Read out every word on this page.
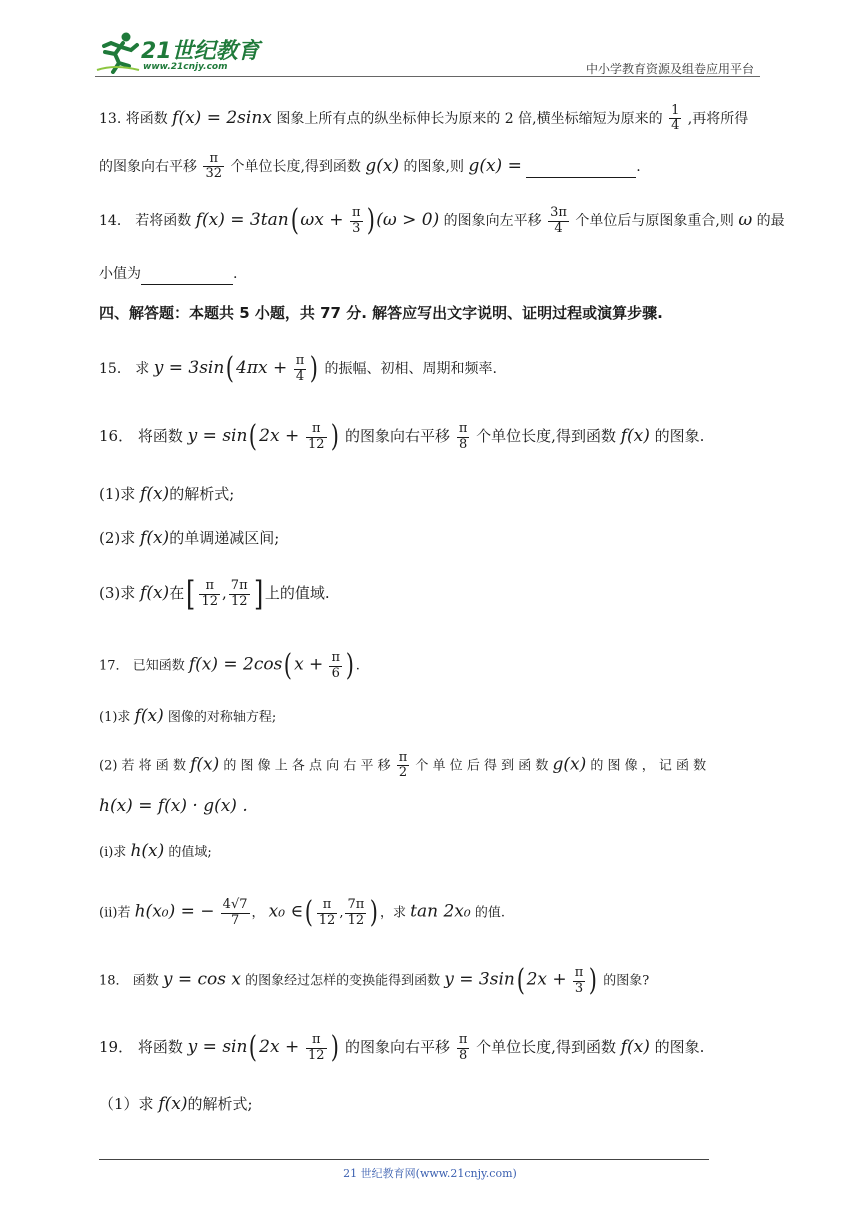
21世纪教育
www.21cnjy.com	中小学教育资源及组卷应用平台
13. 将函数 f(x) = 2sinx 图象上所有点的纵坐标伸长为原来的 2 倍,横坐标缩短为原来的 $\frac{1}{4}$ ,再将所得
的图象向右平移 $\frac{\pi}{32}$ 个单位长度,得到函数 g(x) 的图象,则 g(x) =	.
14． 若将函数 f(x) = 3tan( $\omega x + \frac{\pi}{3}$ ) (ω > 0) 的图象向左平移 $\frac{3\pi}{4}$ 个单位后与原图象重合,则 ω 的最
小值为	.
四、解答题：本题共 5 小题，共 77 分. 解答应写出文字说明、证明过程或演算步骤.
15． 求 y = 3sin( $4\pi x + \frac{\pi}{4}$ ) 的振幅、初相、周期和频率.
16． 将函数 y = sin( $2x + \frac{\pi}{12}$ ) 的图象向右平移 $\frac{\pi}{8}$ 个单位长度,得到函数 f(x) 的图象.
(1)求 f(x)的解析式;
(2)求 f(x)的单调递减区间;
(3)求 f(x)在[ $\frac{\pi}{12}$ , $\frac{7\pi}{12}$ ] 上的值域.
17． 已知函数 f(x) = 2cos( $x + \frac{\pi}{6}$ ) .
(1)求 f(x) 图像的对称轴方程;
(2) 若 将 函 数 f(x) 的 图 像 上 各 点 向 右 平 移 $\frac{\pi}{2}$ 个 单 位 后 得 到 函 数 g(x) 的 图 像 ， 记 函 数
h(x) = f(x) · g(x) .
(i)求 h(x) 的值域;
(ii)若 h(x₀) = − $\frac{4√7}{7}$ ， x₀ ∈( $\frac{\pi}{12}$ , $\frac{7\pi}{12}$ ) ，求 tan 2x₀ 的值.
18． 函数 y = cos x 的图象经过怎样的变换能得到函数 y = 3sin( $2x + \frac{\pi}{3}$ ) 的图象?
19． 将函数 y = sin( $2x + \frac{\pi}{12}$ ) 的图象向右平移 $\frac{\pi}{8}$ 个单位长度,得到函数 f(x) 的图象.
（1）求 f(x)的解析式;
21 世纪教育网(www.21cnjy.com)
